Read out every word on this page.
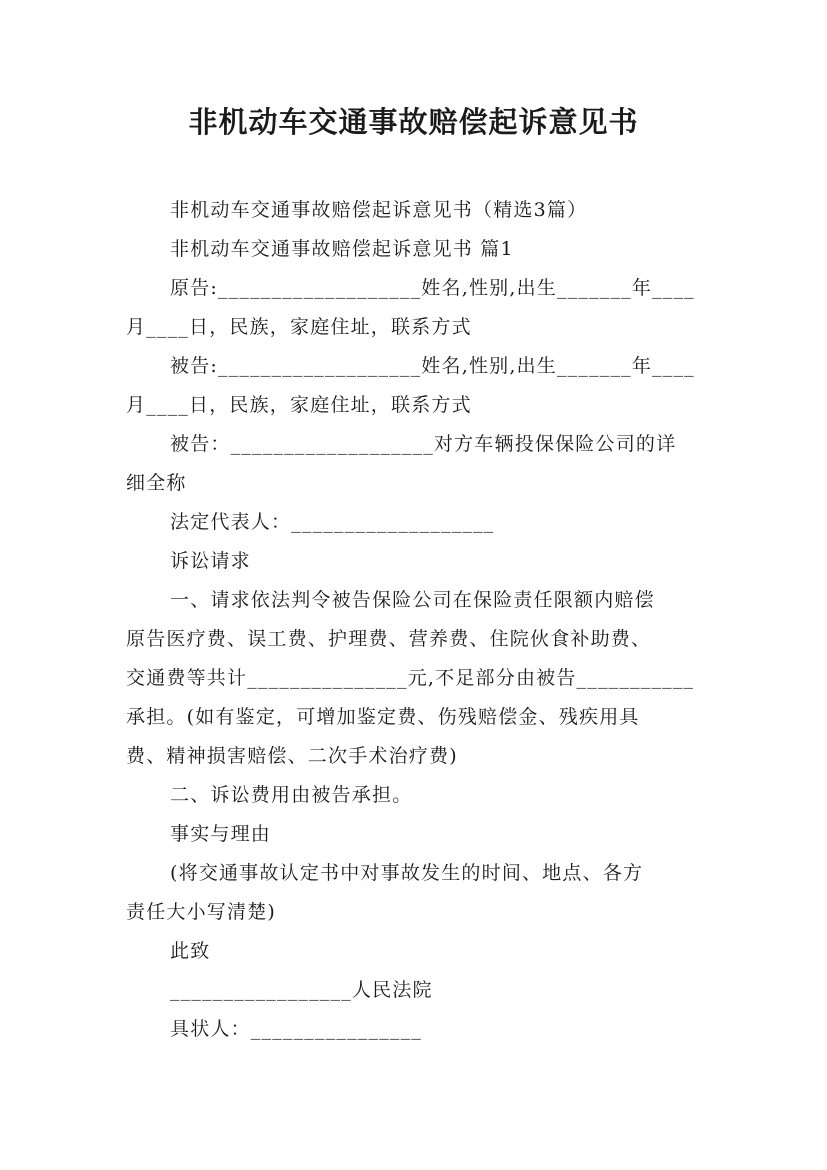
非机动车交通事故赔偿起诉意见书
非机动车交通事故赔偿起诉意见书（精选3篇）
非机动车交通事故赔偿起诉意见书 篇1
原告:___________________姓名,性别,出生_______年____
月____日，民族，家庭住址，联系方式
被告:___________________姓名,性别,出生_______年____
月____日，民族，家庭住址，联系方式
被告：___________________对方车辆投保保险公司的详
细全称
法定代表人：___________________
诉讼请求
一、请求依法判令被告保险公司在保险责任限额内赔偿
原告医疗费、误工费、护理费、营养费、住院伙食补助费、
交通费等共计_______________元,不足部分由被告___________
承担。(如有鉴定，可增加鉴定费、伤残赔偿金、残疾用具
费、精神损害赔偿、二次手术治疗费)
二、诉讼费用由被告承担。
事实与理由
(将交通事故认定书中对事故发生的时间、地点、各方
责任大小写清楚)
此致
_________________人民法院
具状人：________________
